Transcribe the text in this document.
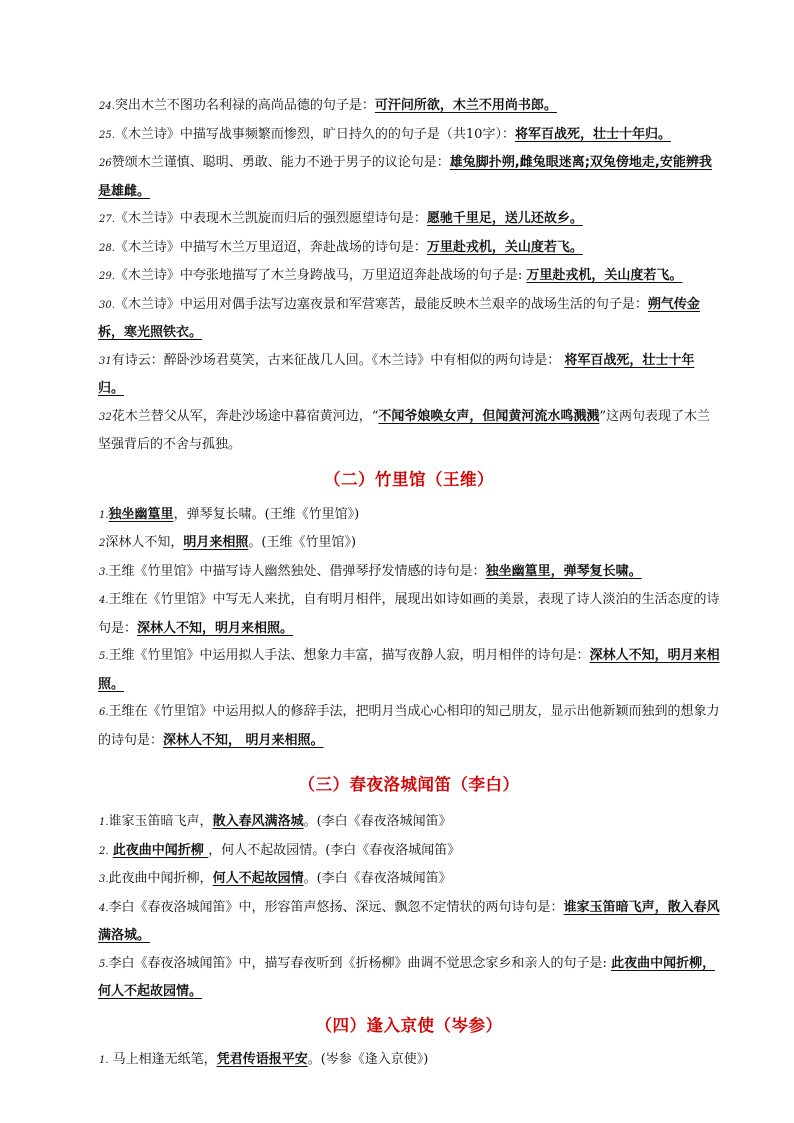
24.突出木兰不图功名利禄的高尚品德的句子是：可汗问所欲，木兰不用尚书郎。

25.《木兰诗》中描写战事频繁而惨烈，旷日持久的的句子是（共10字）：将军百战死，壮士十年归。

26赞颂木兰谨慎、聪明、勇敢、能力不逊于男子的议论句是：雄兔脚扑朔,雌兔眼迷离;双兔傍地走,安能辨我是雄雌。

27.《木兰诗》中表现木兰凯旋而归后的强烈愿望诗句是：愿驰千里足，送儿还故乡。

28.《木兰诗》中描写木兰万里迢迢，奔赴战场的诗句是：万里赴戎机，关山度若飞。

29.《木兰诗》中夸张地描写了木兰身跨战马，万里迢迢奔赴战场的句子是: 万里赴戎机，关山度若飞。

30.《木兰诗》中运用对偶手法写边塞夜景和军营寒苦，最能反映木兰艰辛的战场生活的句子是：朔气传金柝，寒光照铁衣。

31有诗云：醉卧沙场君莫笑，古来征战几人回。《木兰诗》中有相似的两句诗是： 将军百战死，壮士十年归。

32花木兰替父从军，奔赴沙场途中暮宿黄河边，“不闻爷娘唤女声，但闻黄河流水鸣溅溅”这两句表现了木兰坚强背后的不舍与孤独。

（二）竹里馆（王维）

1.独坐幽篁里，弹琴复长啸。(王维《竹里馆》)

2深林人不知，明月来相照。(王维《竹里馆》)

3.王维《竹里馆》中描写诗人幽然独处、借弹琴抒发情感的诗句是：独坐幽篁里，弹琴复长啸。

4.王维在《竹里馆》中写无人来扰，自有明月相伴，展现出如诗如画的美景，表现了诗人淡泊的生活态度的诗句是：深林人不知，明月来相照。

5.王维《竹里馆》中运用拟人手法、想象力丰富，描写夜静人寂，明月相伴的诗句是：深林人不知，明月来相照。

6.王维在《竹里馆》中运用拟人的修辞手法，把明月当成心心相印的知己朋友，显示出他新颖而独到的想象力的诗句是：深林人不知， 明月来相照。

（三）春夜洛城闻笛（李白）

1.谁家玉笛暗飞声，散入春风满洛城。(李白《春夜洛城闻笛》

2. 此夜曲中闻折柳 ，何人不起故园情。(李白《春夜洛城闻笛》

3.此夜曲中闻折柳，何人不起故园情。(李白《春夜洛城闻笛》

4.李白《春夜洛城闻笛》中，形容笛声悠扬、深远、飘忽不定情状的两句诗句是：谁家玉笛暗飞声，散入春风满洛城。

5.李白《春夜洛城闻笛》中，描写春夜听到《折杨柳》曲调不觉思念家乡和亲人的句子是: 此夜曲中闻折柳，何人不起故园情。

（四）逢入京使（岑参）

1. 马上相逢无纸笔，凭君传语报平安。(岑参《逢入京使》)
